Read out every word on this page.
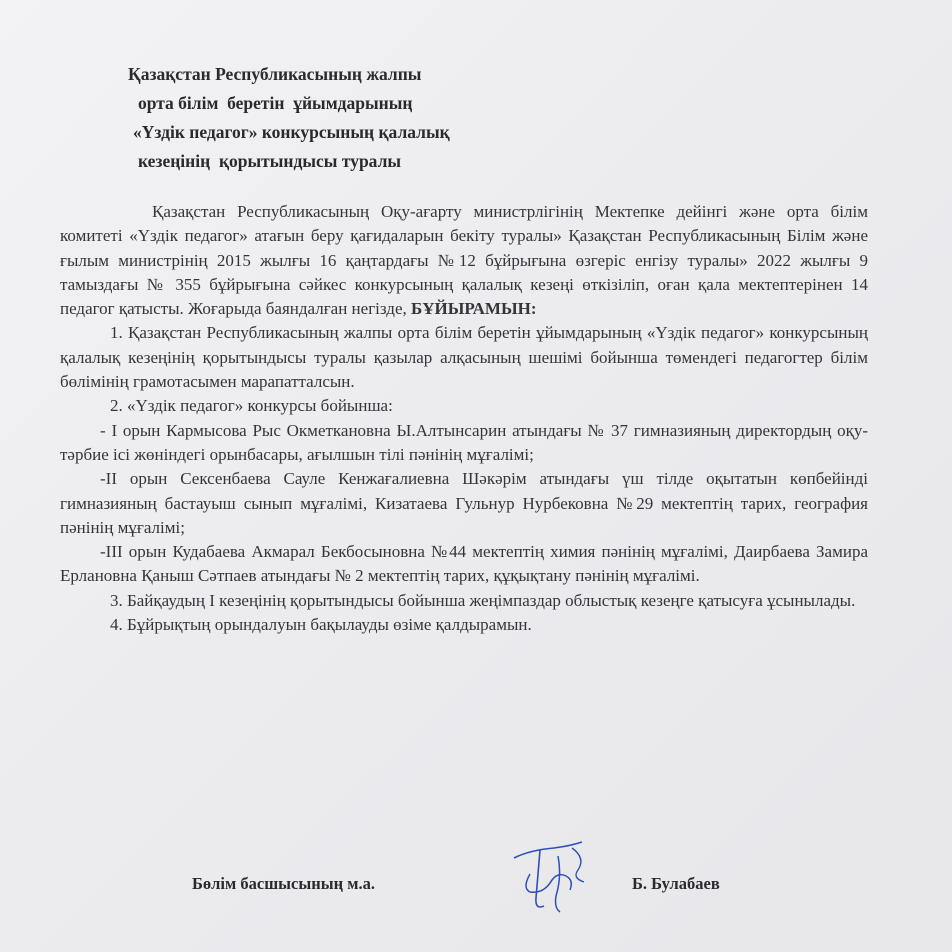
Қазақстан Республикасының жалпы
орта білім  беретін  ұйымдарының
«Үздік педагог» конкурсының қалалық
кезеңінің  қорытындысы туралы

Қазақстан Республикасының Оқу-ағарту министрлігінің Мектепке дейінгі және орта білім комитеті «Үздік педагог» атағын беру қағидаларын бекіту туралы» Қазақстан Республикасының Білім және ғылым министрінің 2015 жылғы 16 қаңтардағы №12 бұйрығына өзгеріс енгізу туралы» 2022 жылғы 9 тамыздағы № 355 бұйрығына сәйкес конкурсының қалалық кезеңі өткізіліп, оған қала мектептерінен 14 педагог қатысты. Жоғарыда баяндалған негізде, БҰЙЫРАМЫН:

1. Қазақстан Республикасының жалпы орта білім беретін ұйымдарының «Үздік педагог» конкурсының қалалық кезеңінің қорытындысы туралы қазылар алқасының шешімі бойынша төмендегі педагогтер білім бөлімінің грамотасымен марапатталсын.

2. «Үздік педагог» конкурсы бойынша:

- I орын Кармысова Рыс Окметкановна Ы.Алтынсарин атындағы № 37 гимназияның директордың оқу-тәрбие ісі жөніндегі орынбасары, ағылшын тілі пәнінің мұғалімі;

-II орын Сексенбаева Сауле Кенжағалиевна Шәкәрім атындағы үш тілде оқытатын көпбейінді гимназияның бастауыш сынып мұғалімі, Кизатаева Гульнур Нурбековна №29 мектептің тарих, география пәнінің мұғалімі;

-III орын Кудабаева Акмарал Бекбосыновна №44 мектептің химия пәнінің мұғалімі, Даирбаева Замира Ерлановна Қаныш Сәтпаев атындағы № 2 мектептің тарих, құқықтану пәнінің мұғалімі.

3. Байқаудың I кезеңінің қорытындысы бойынша жеңімпаздар облыстық кезеңге қатысуға ұсынылады.

4. Бұйрықтың орындалуын бақылауды өзіме қалдырамын.

Бөлім басшысының м.а.	Б. Булабаев
